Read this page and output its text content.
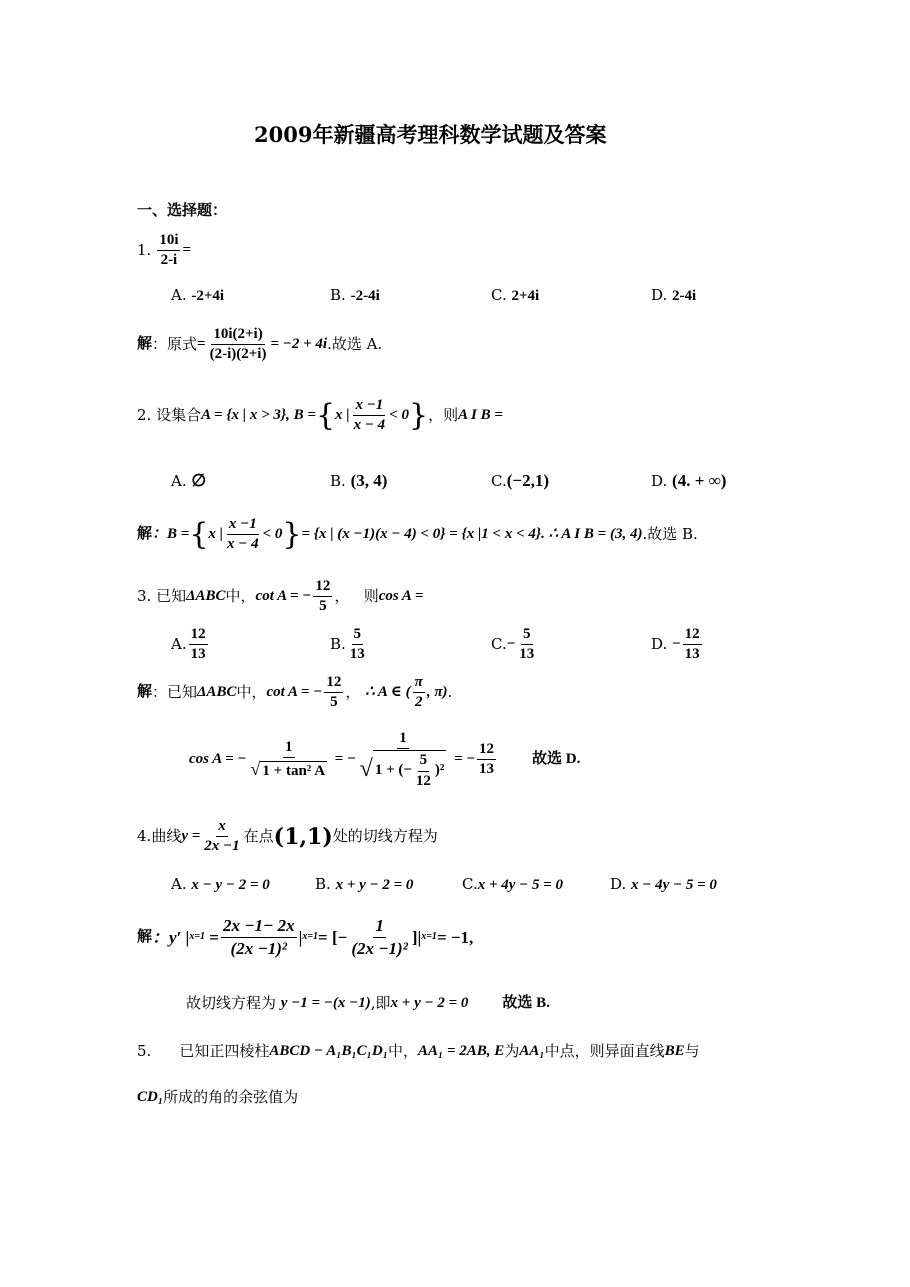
2009年新疆高考理科数学试题及答案
一、选择题：
1. $\frac{10i}{2-i}$ =
A. -2+4i	B. -2-4i	C. 2+4i	D. 2-4i
解 ：原式 = $\frac{10i(2+i)}{(2-i)(2+i)} = -2 + 4i$ .故选 A.
2.
设集合 A = {x | x > 3}, B = { x | $\frac{x -1}{x - 4} < 0$ } ，则 A I B =
A. ∅	B. (3, 4)	C.(−2,1)	D. (4. + ∞)
解 ：B = { x | $\frac{x -1}{x - 4} < 0$ } = {x | (x −1)(x − 4) < 0} = {x |1 < x < 4} . ∴ A I B = (3, 4) .故选 B.
3.
已知 ΔABC 中， cot A = − $\frac{12}{5}$ ，
则 cos A =
A. $\frac{12}{13}$	B. $\frac{5}{13}$	C. − $\frac{5}{13}$	D.
− $\frac{12}{13}$
解 ：已知 ΔABC 中， cot A = − $\frac{12}{5}$ ，
∴ A ∈ ( $\frac{\pi}{2}$ , π) .
cos A = − $\frac{1}{\text{√ 1 + tan² A}}$ = − $\frac{1}{√ 1 + (- \frac{5}{12} )^2}$ = − $\frac{12}{13}$ 故选 D.
4. 曲线 $y = \frac{x}{2x -1}$ 在点 (1,1) 处的切线方程为
A. x − y − 2 = 0	B. x + y − 2 = 0	C.x + 4y − 5 = 0	D. x − 4y − 5 = 0
解 ：y′ | $x=1 = \frac{2x -1- 2x}{\text{(2x −1)²}}$ | x=1 = [− $\frac{1}{\text{(2x −1)²}}$ ]| x=1 = −1,
故切线方程为
y −1 = −(x −1) ,即 x + y − 2 = 0 故选 B.
5. 已知正四棱柱 ABCD − A₁B₁C₁D₁ 中， AA₁ = 2AB, E 为 AA₁ 中点，则异面直线 BE 与
CD₁ 所成的角的余弦值为
